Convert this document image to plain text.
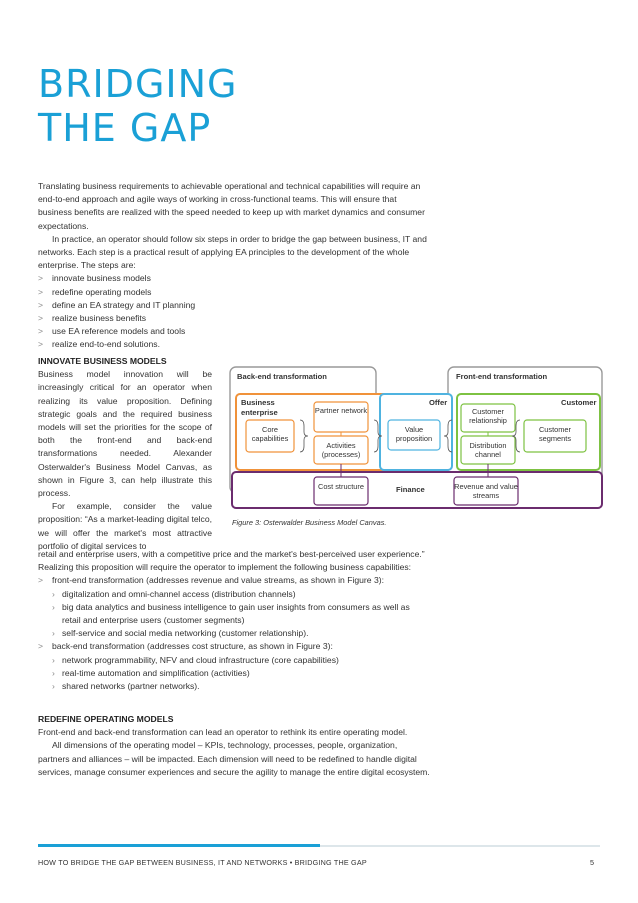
BRIDGING
THE GAP

Translating business requirements to achievable operational and technical capabilities will require an end-to-end approach and agile ways of working in cross-functional teams. This will ensure that business benefits are realized with the speed needed to keep up with market dynamics and consumer expectations.

In practice, an operator should follow six steps in order to bridge the gap between business, IT and networks. Each step is a practical result of applying EA principles to the development of the whole enterprise. The steps are:

> innovate business models
> redefine operating models
> define an EA strategy and IT planning
> realize business benefits
> use EA reference models and tools
> realize end-to-end solutions.
INNOVATE BUSINESS MODELS

Business model innovation will be increasingly critical for an operator when realizing its value proposition. Defining strategic goals and the required business models will set the priorities for the scope of both the front-end and back-end transformations needed. Alexander Osterwalder's Business Model Canvas, as shown in Figure 3, can help illustrate this process.

For example, consider the value proposition: “As a market-leading digital telco, we will offer the market's most attractive portfolio of digital services to

retail and enterprise users, with a competitive price and the market's best-perceived user experience.” Realizing this proposition will require the operator to implement the following business capabilities:

> front-end transformation (addresses revenue and value streams, as shown in Figure 3):
› digitalization and omni-channel access (distribution channels)
› big data analytics and business intelligence to gain user insights from consumers as well as retail and enterprise users (customer segments)
› self-service and social media networking (customer relationship).
> back-end transformation (addresses cost structure, as shown in Figure 3):
› network programmability, NFV and cloud infrastructure (core capabilities)
› real-time automation and simplification (activities)
› shared networks (partner networks).
REDEFINE OPERATING MODELS

Front-end and back-end transformation can lead an operator to rethink its entire operating model.

All dimensions of the operating model – KPIs, technology, processes, people, organization, partners and alliances – will be impacted. Each dimension will need to be redefined to handle digital services, manage consumer experiences and secure the agility to manage the entire digital ecosystem.

Back-end transformation	Front-end transformation
Business enterprise	Partner network
Core capabilities
Activities (processes)
Offer
Value proposition
Customer
Customer relationship
Customer segments
Distribution channel
Finance
Cost structure	Revenue and value streams
Figure 3: Osterwalder Business Model Canvas.
HOW TO BRIDGE THE GAP BETWEEN BUSINESS, IT AND NETWORKS • BRIDGING THE GAP	5
